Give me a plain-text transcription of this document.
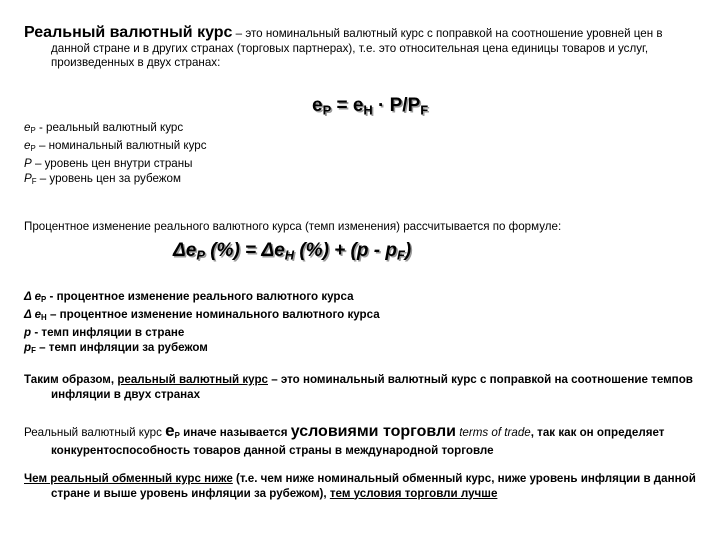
Реальный валютный курс – это номинальный валютный курс с поправкой на соотношение уровней цен в данной стране и в других странах (торговых партнерах), т.е. это относительная цена единицы товаров и услуг, произведенных в двух странах:

$e_P = e_H \cdot P/P_F$

$e_P$ - реальный валютный курс

$e_P$ – номинальный валютный курс

P – уровень цен внутри страны

$P_F$ – уровень цен за рубежом

Процентное изменение реального валютного курса (темп изменения) рассчитывается по формуле:

$\Delta e_P$ (%) = $\Delta e_H$ (%) + $(p - p_F)$

Δ $e_P$ - процентное изменение реального валютного курса

Δ $e_H$ – процентное изменение номинального валютного курса

p - темп инфляции в стране

$p_F$ – темп инфляции за рубежом

Таким образом, реальный валютный курс – это номинальный валютный курс с поправкой на соотношение темпов инфляции в двух странах

Реальный валютный курс $e_P$ иначе называется условиями торговли terms of trade, так как он определяет конкурентоспособность товаров данной страны в международной торговле

Чем реальный обменный курс ниже (т.е. чем ниже номинальный обменный курс, ниже уровень инфляции в данной стране и выше уровень инфляции за рубежом), тем условия торговли лучше
